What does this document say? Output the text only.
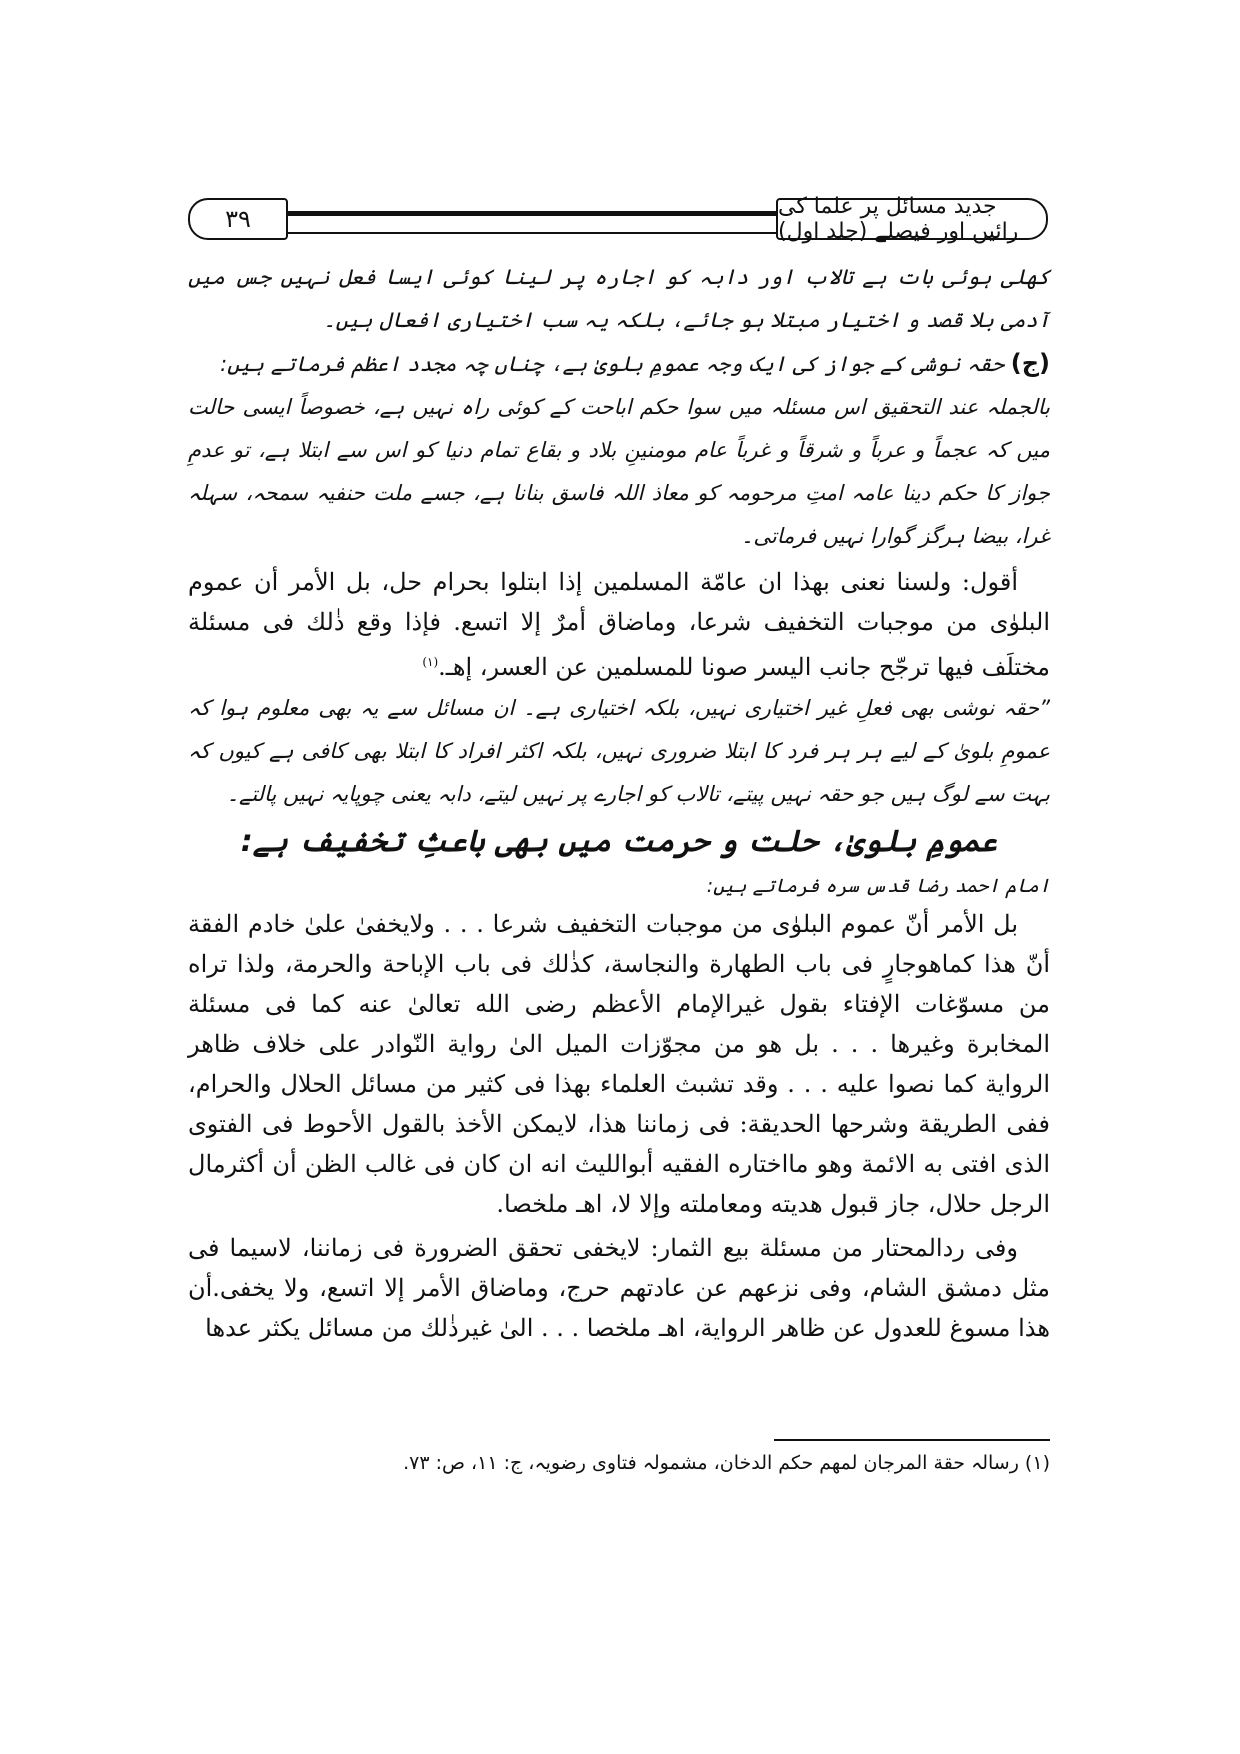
۳۹	جدید مسائل پر علما کی رائیں اور فیصلے (جلد اول)

کھلی ہوئی بات ہے تالاب اور دابہ کو اجارہ پر لینا کوئی ایسا فعل نہیں جس میں آدمی بلا قصد و اختیار مبتلا ہو جائے، بلکہ یہ سب اختیاری افعال ہیں۔

(ج) حقہ نوشی کے جواز کی ایک وجہ عمومِ بلویٰ ہے، چناں چہ مجدد اعظم فرماتے ہیں:

بالجملہ عند التحقیق اس مسئلہ میں سوا حکم اباحت کے کوئی راہ نہیں ہے، خصوصاً ایسی حالت میں کہ عجماً و عرباً و شرقاً و غرباً عام مومنینِ بلاد و بقاع تمام دنیا کو اس سے ابتلا ہے، تو عدمِ جواز کا حکم دینا عامہ امتِ مرحومہ کو معاذ اللہ فاسق بنانا ہے، جسے ملت حنفیہ سمحہ، سہلہ غرا، بیضا ہرگز گوارا نہیں فرماتی۔

أقول: ولسنا نعنى بهذا ان عامّة المسلمين إذا ابتلوا بحرام حل، بل الأمر أن عموم البلوٰى من موجبات التخفيف شرعا، وماضاق أمرٌ إلا اتسع. فإذا وقع ذٰلك فى مسئلة مختلَف فيها ترجّح جانب اليسر صونا للمسلمين عن العسر، إهـ.$^{(۱)}$

”حقہ نوشی بھی فعلِ غیر اختیاری نہیں، بلکہ اختیاری ہے۔ ان مسائل سے یہ بھی معلوم ہوا کہ عمومِ بلویٰ کے لیے ہر ہر فرد کا ابتلا ضروری نہیں، بلکہ اکثر افراد کا ابتلا بھی کافی ہے کیوں کہ بہت سے لوگ ہیں جو حقہ نہیں پیتے، تالاب کو اجارے پر نہیں لیتے، دابہ یعنی چوپایہ نہیں پالتے۔

عمومِ بلویٰ، حلت و حرمت میں بھی باعثِ تخفیف ہے:

امام احمد رضا قدس سرہ فرماتے ہیں:

بل الأمر أنّ عموم البلوٰى من موجبات التخفيف شرعا . . . ولايخفىٰ علىٰ خادم الفقة أنّ هذا كماهوجارٍ فى باب الطهارة والنجاسة، كذٰلك فى باب الإباحة والحرمة، ولذا تراه من مسوّغات الإفتاء بقول غيرالإمام الأعظم رضى الله تعالىٰ عنه كما فى مسئلة المخابرة وغيرها . . . بل هو من مجوّزات الميل الىٰ رواية النّوادر على خلاف ظاهر الرواية كما نصوا عليه . . . وقد تشبث العلماء بهذا فى كثير من مسائل الحلال والحرام، ففى الطريقة وشرحها الحديقة: فى زماننا هذا، لايمكن الأخذ بالقول الأحوط فى الفتوى الذى افتى به الائمة وهو مااختاره الفقيه أبوالليث انه ان كان فى غالب الظن أن أكثرمال الرجل حلال، جاز قبول هديته ومعاملته وإلا لا، اهـ ملخصا.

وفى ردالمحتار من مسئلة بيع الثمار: لايخفى تحقق الضرورة فى زماننا، لاسيما فى مثل دمشق الشام، وفى نزعهم عن عادتهم حرج، وماضاق الأمر إلا اتسع، ولا يخفى.أن هذا مسوغ للعدول عن ظاهر الرواية، اهـ ملخصا . . . الىٰ غيرذٰلك من مسائل يكثر عدها

(۱) رسالہ حقة المرجان لمهم حكم الدخان، مشمولہ فتاوی رضویہ، ج: ۱۱، ص: ۷۳.
